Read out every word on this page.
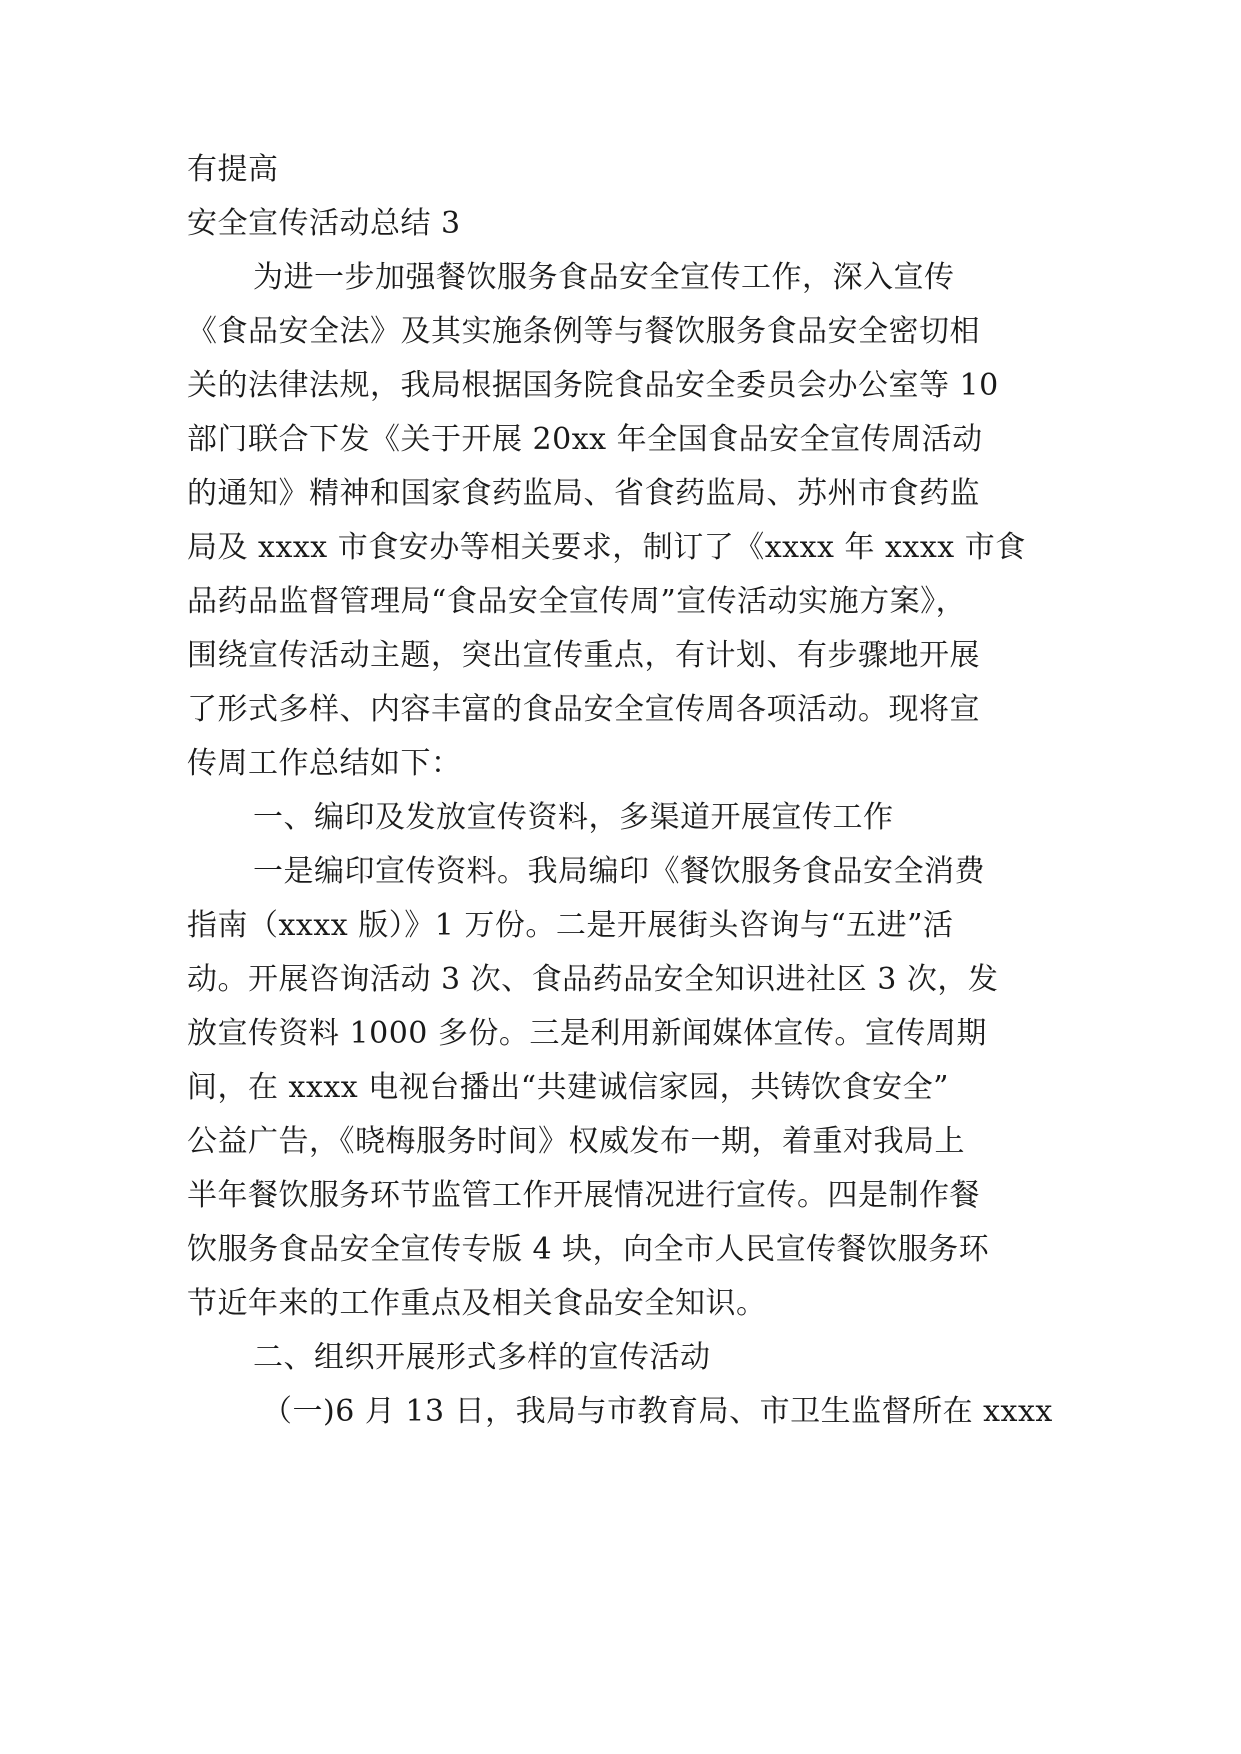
有提高
安全宣传活动总结 3
为进一步加强餐饮服务食品安全宣传工作，深入宣传
《食品安全法》及其实施条例等与餐饮服务食品安全密切相
关的法律法规，我局根据国务院食品安全委员会办公室等 10
部门联合下发《关于开展 20xx 年全国食品安全宣传周活动
的通知》精神和国家食药监局、省食药监局、苏州市食药监
局及 xxxx 市食安办等相关要求，制订了《xxxx 年 xxxx 市食
品药品监督管理局“食品安全宣传周”宣传活动实施方案》，
围绕宣传活动主题，突出宣传重点，有计划、有步骤地开展
了形式多样、内容丰富的食品安全宣传周各项活动。现将宣
传周工作总结如下：
一、编印及发放宣传资料，多渠道开展宣传工作
一是编印宣传资料。我局编印《餐饮服务食品安全消费
指南（xxxx 版）》1 万份。二是开展街头咨询与“五进”活
动。开展咨询活动 3 次、食品药品安全知识进社区 3 次，发
放宣传资料 1000 多份。三是利用新闻媒体宣传。宣传周期
间，在 xxxx 电视台播出“共建诚信家园，共铸饮食安全”
公益广告，《晓梅服务时间》权威发布一期，着重对我局上
半年餐饮服务环节监管工作开展情况进行宣传。四是制作餐
饮服务食品安全宣传专版 4 块，向全市人民宣传餐饮服务环
节近年来的工作重点及相关食品安全知识。
二、组织开展形式多样的宣传活动
（一)6 月 13 日，我局与市教育局、市卫生监督所在 xxxx
